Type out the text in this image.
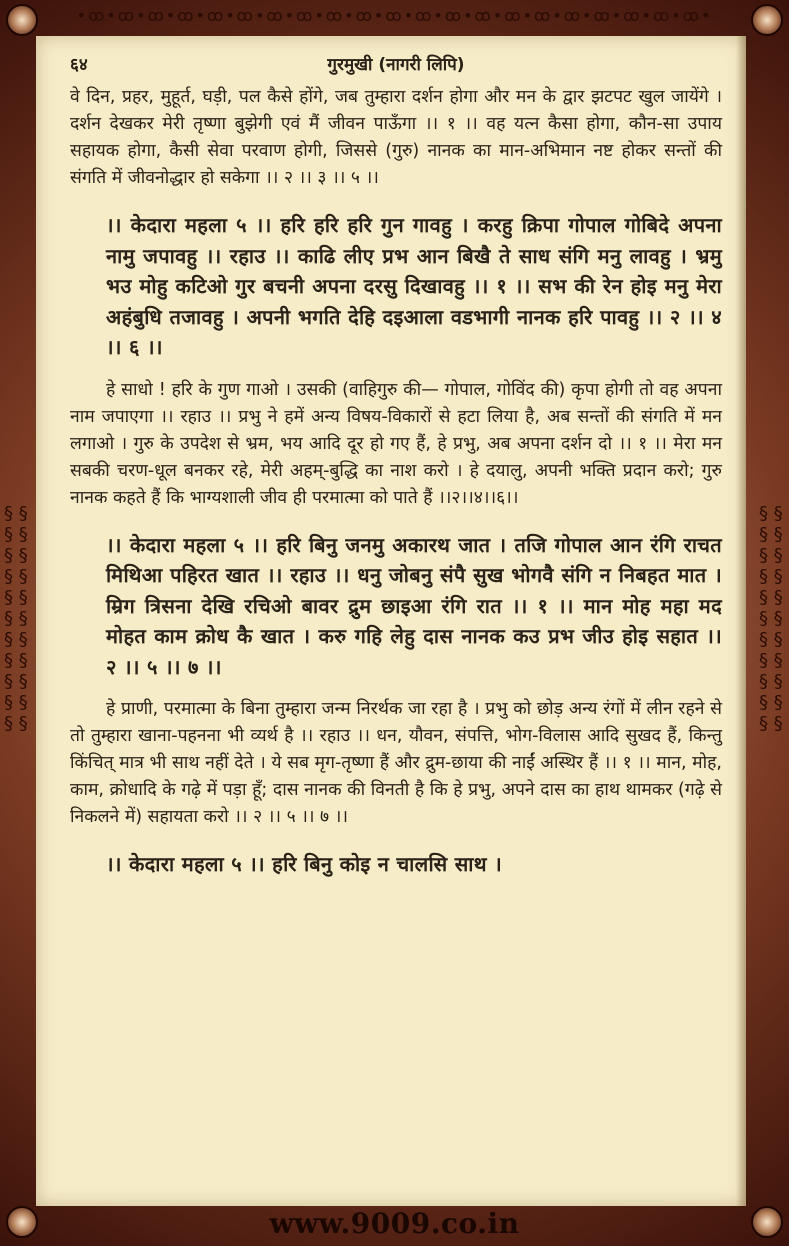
•ꝏ•ꝏ•ꝏ•ꝏ•ꝏ•ꝏ•ꝏ•ꝏ•ꝏ•ꝏ•ꝏ•ꝏ•ꝏ•ꝏ•ꝏ•ꝏ•ꝏ•ꝏ•ꝏ•ꝏ•ꝏ•
§ § § § § § § § § § § § § § § § § § § § § §
§ § § § § § § § § § § § § § § § § § § § § §
www.9009.co.in
६४	गुरमुखी (नागरी लिपि)

वे दिन, प्रहर, मुहूर्त, घड़ी, पल कैसे होंगे, जब तुम्हारा दर्शन होगा और मन के द्वार झटपट खुल जायेंगे । दर्शन देखकर मेरी तृष्णा बुझेगी एवं मैं जीवन पाऊँगा ।। १ ।। वह यत्न कैसा होगा, कौन-सा उपाय सहायक होगा, कैसी सेवा परवाण होगी, जिससे (गुरु) नानक का मान-अभिमान नष्ट होकर सन्तों की संगति में जीवनोद्धार हो सकेगा ।। २ ।। ३ ।। ५ ।।

।। केदारा महला ५ ।। हरि हरि हरि गुन गावहु । करहु क्रिपा गोपाल गोबिदे अपना नामु जपावहु ।। रहाउ ।। काढि लीए प्रभ आन बिखै ते साध संगि मनु लावहु । भ्रमु भउ मोहु कटिओ गुर बचनी अपना दरसु दिखावहु ।। १ ।। सभ की रेन होइ मनु मेरा अहंबुधि तजावहु । अपनी भगति देहि दइआला वडभागी नानक हरि पावहु ।। २ ।। ४ ।। ६ ।।

हे साधो ! हरि के गुण गाओ । उसकी (वाहिगुरु की— गोपाल, गोविंद की) कृपा होगी तो वह अपना नाम जपाएगा ।। रहाउ ।। प्रभु ने हमें अन्य विषय-विकारों से हटा लिया है, अब सन्तों की संगति में मन लगाओ । गुरु के उपदेश से भ्रम, भय आदि दूर हो गए हैं, हे प्रभु, अब अपना दर्शन दो ।। १ ।। मेरा मन सबकी चरण-धूल बनकर रहे, मेरी अहम्-बुद्धि का नाश करो । हे दयालु, अपनी भक्ति प्रदान करो; गुरु नानक कहते हैं कि भाग्यशाली जीव ही परमात्मा को पाते हैं ।।२।।४।।६।।

।। केदारा महला ५ ।। हरि बिनु जनमु अकारथ जात । तजि गोपाल आन रंगि राचत मिथिआ पहिरत खात ।। रहाउ ।। धनु जोबनु संपै सुख भोगवै संगि न निबहत मात । म्रिग त्रिसना देखि रचिओ बावर द्रुम छाइआ रंगि रात ।। १ ।। मान मोह महा मद मोहत काम क्रोध कै खात । करु गहि लेहु दास नानक कउ प्रभ जीउ होइ सहात ।। २ ।। ५ ।। ७ ।।

हे प्राणी, परमात्मा के बिना तुम्हारा जन्म निरर्थक जा रहा है । प्रभु को छोड़ अन्य रंगों में लीन रहने से तो तुम्हारा खाना-पहनना भी व्यर्थ है ।। रहाउ ।। धन, यौवन, संपत्ति, भोग-विलास आदि सुखद हैं, किन्तु किंचित् मात्र भी साथ नहीं देते । ये सब मृग-तृष्णा हैं और द्रुम-छाया की नाईं अस्थिर हैं ।। १ ।। मान, मोह, काम, क्रोधादि के गढ़े में पड़ा हूँ; दास नानक की विनती है कि हे प्रभु, अपने दास का हाथ थामकर (गढ़े से निकलने में) सहायता करो ।। २ ।। ५ ।। ७ ।।

।। केदारा महला ५ ।। हरि बिनु कोइ न चालसि साथ ।
